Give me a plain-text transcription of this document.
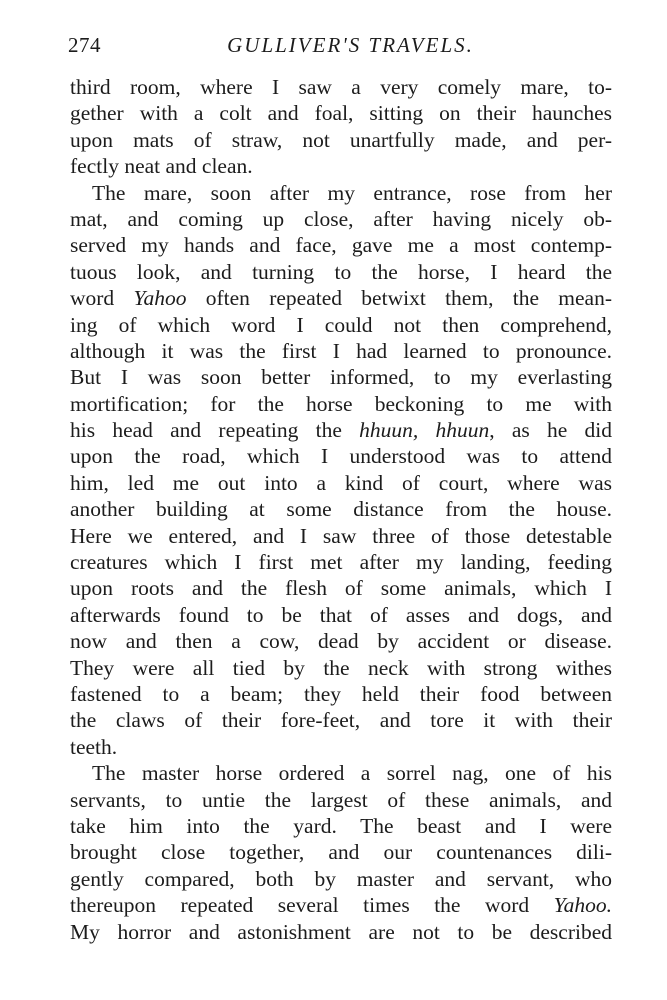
274	GULLIVER'S TRAVELS.
third room, where I saw a very comely mare, to-
gether with a colt and foal, sitting on their haunches
upon mats of straw, not unartfully made, and per-
fectly neat and clean.
The mare, soon after my entrance, rose from her
mat, and coming up close, after having nicely ob-
served my hands and face, gave me a most contemp-
tuous look, and turning to the horse, I heard the
word Yahoo often repeated betwixt them, the mean-
ing of which word I could not then comprehend,
although it was the first I had learned to pronounce.
But I was soon better informed, to my everlasting
mortification; for the horse beckoning to me with
his head and repeating the hhuun, hhuun, as he did
upon the road, which I understood was to attend
him, led me out into a kind of court, where was
another building at some distance from the house.
Here we entered, and I saw three of those detestable
creatures which I first met after my landing, feeding
upon roots and the flesh of some animals, which I
afterwards found to be that of asses and dogs, and
now and then a cow, dead by accident or disease.
They were all tied by the neck with strong withes
fastened to a beam; they held their food between
the claws of their fore-feet, and tore it with their
teeth.
The master horse ordered a sorrel nag, one of his
servants, to untie the largest of these animals, and
take him into the yard. The beast and I were
brought close together, and our countenances dili-
gently compared, both by master and servant, who
thereupon repeated several times the word Yahoo.
My horror and astonishment are not to be described
